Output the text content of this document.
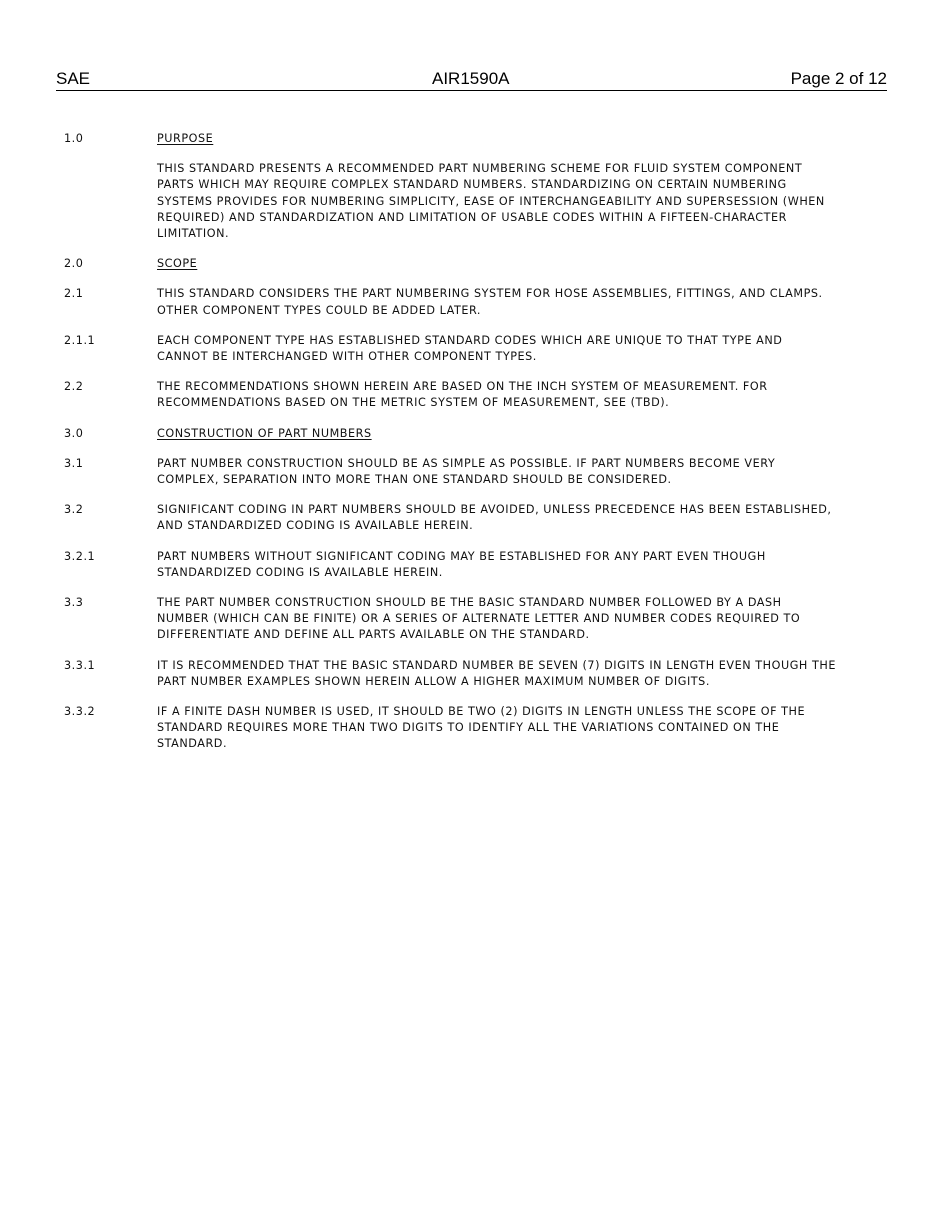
SAE	AIR1590A	Page 2 of 12
1.0	PURPOSE
THIS STANDARD PRESENTS A RECOMMENDED PART NUMBERING SCHEME FOR FLUID SYSTEM COMPONENT PARTS WHICH MAY REQUIRE COMPLEX STANDARD NUMBERS. STANDARDIZING ON CERTAIN NUMBERING SYSTEMS PROVIDES FOR NUMBERING SIMPLICITY, EASE OF INTERCHANGEABILITY AND SUPERSESSION (WHEN REQUIRED) AND STANDARDIZATION AND LIMITATION OF USABLE CODES WITHIN A FIFTEEN-CHARACTER LIMITATION.
2.0	SCOPE
2.1	THIS STANDARD CONSIDERS THE PART NUMBERING SYSTEM FOR HOSE ASSEMBLIES, FITTINGS, AND CLAMPS. OTHER COMPONENT TYPES COULD BE ADDED LATER.
2.1.1	EACH COMPONENT TYPE HAS ESTABLISHED STANDARD CODES WHICH ARE UNIQUE TO THAT TYPE AND CANNOT BE INTERCHANGED WITH OTHER COMPONENT TYPES.
2.2	THE RECOMMENDATIONS SHOWN HEREIN ARE BASED ON THE INCH SYSTEM OF MEASUREMENT. FOR RECOMMENDATIONS BASED ON THE METRIC SYSTEM OF MEASUREMENT, SEE (TBD).
3.0	CONSTRUCTION OF PART NUMBERS
3.1	PART NUMBER CONSTRUCTION SHOULD BE AS SIMPLE AS POSSIBLE. IF PART NUMBERS BECOME VERY COMPLEX, SEPARATION INTO MORE THAN ONE STANDARD SHOULD BE CONSIDERED.
3.2	SIGNIFICANT CODING IN PART NUMBERS SHOULD BE AVOIDED, UNLESS PRECEDENCE HAS BEEN ESTABLISHED, AND STANDARDIZED CODING IS AVAILABLE HEREIN.
3.2.1	PART NUMBERS WITHOUT SIGNIFICANT CODING MAY BE ESTABLISHED FOR ANY PART EVEN THOUGH STANDARDIZED CODING IS AVAILABLE HEREIN.
3.3	THE PART NUMBER CONSTRUCTION SHOULD BE THE BASIC STANDARD NUMBER FOLLOWED BY A DASH NUMBER (WHICH CAN BE FINITE) OR A SERIES OF ALTERNATE LETTER AND NUMBER CODES REQUIRED TO DIFFERENTIATE AND DEFINE ALL PARTS AVAILABLE ON THE STANDARD.
3.3.1	IT IS RECOMMENDED THAT THE BASIC STANDARD NUMBER BE SEVEN (7) DIGITS IN LENGTH EVEN THOUGH THE PART NUMBER EXAMPLES SHOWN HEREIN ALLOW A HIGHER MAXIMUM NUMBER OF DIGITS.
3.3.2	IF A FINITE DASH NUMBER IS USED, IT SHOULD BE TWO (2) DIGITS IN LENGTH UNLESS THE SCOPE OF THE STANDARD REQUIRES MORE THAN TWO DIGITS TO IDENTIFY ALL THE VARIATIONS CONTAINED ON THE STANDARD.
